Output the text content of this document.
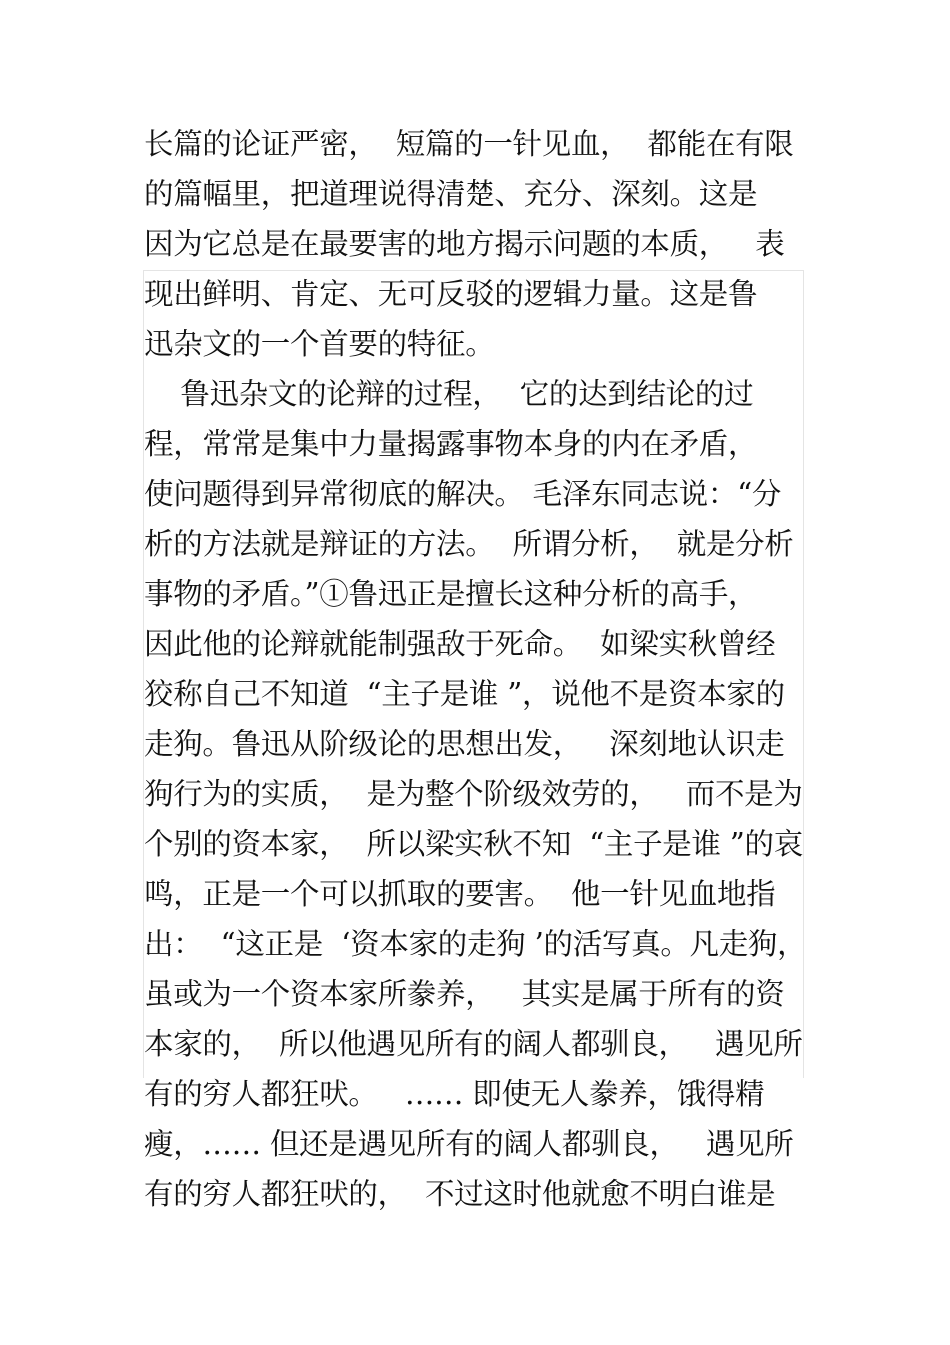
长篇的论证严密，  短篇的一针见血，  都能在有限
的篇幅里，把道理说得清楚、充分、深刻。这是
因为它总是在最要害的地方揭示问题的本质，   表
现出鲜明、肯定、无可反驳的逻辑力量。这是鲁
迅杂文的一个首要的特征。
鲁迅杂文的论辩的过程，  它的达到结论的过
程，常常是集中力量揭露事物本身的内在矛盾，
使问题得到异常彻底的解决。 毛泽东同志说：“分
析的方法就是辩证的方法。  所谓分析，  就是分析
事物的矛盾。”①鲁迅正是擅长这种分析的高手，
因此他的论辩就能制强敌于死命。  如梁实秋曾经
狡称自己不知道  “主子是谁 ”，说他不是资本家的
走狗。鲁迅从阶级论的思想出发，   深刻地认识走
狗行为的实质，  是为整个阶级效劳的，   而不是为
个别的资本家，  所以梁实秋不知  “主子是谁 ”的哀
鸣，正是一个可以抓取的要害。  他一针见血地指
出：  “这正是  ‘资本家的走狗 ’的活写真。凡走狗，
虽或为一个资本家所豢养，   其实是属于所有的资
本家的，  所以他遇见所有的阔人都驯良，   遇见所
有的穷人都狂吠。   …… 即使无人豢养，饿得精
瘦，…… 但还是遇见所有的阔人都驯良，   遇见所
有的穷人都狂吠的，  不过这时他就愈不明白谁是
